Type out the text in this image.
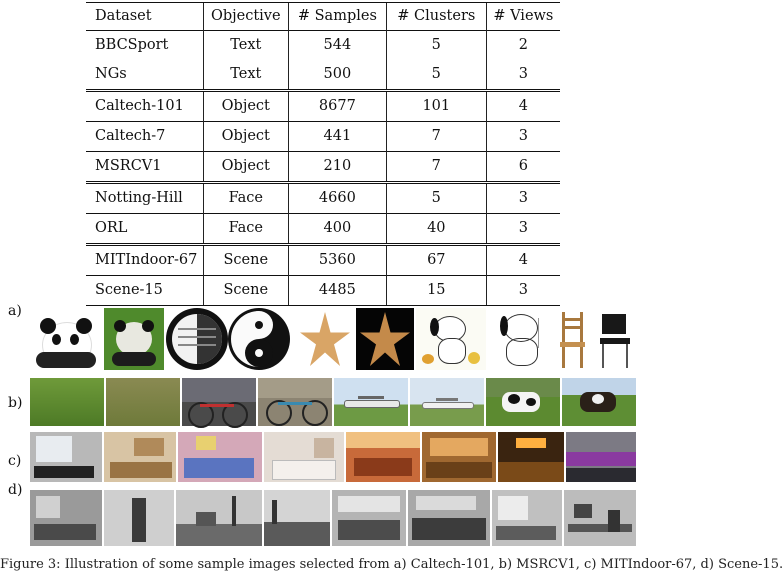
Dataset	Objective	# Samples	# Clusters	# Views
BBCSport	Text	544	5	2
NGs	Text	500	5	3
Caltech-101	Object	8677	101	4
Caltech-7	Object	441	7	3
MSRCV1	Object	210	7	6
Notting-Hill	Face	4660	5	3
ORL	Face	400	40	3
MITIndoor-67	Scene	5360	67	4
Scene-15	Scene	4485	15	3
a)
b)
c)
d)
Figure 3: Illustration of some sample images selected from a) Caltech-101, b) MSRCV1, c) MITIndoor-67, d) Scene-15.
